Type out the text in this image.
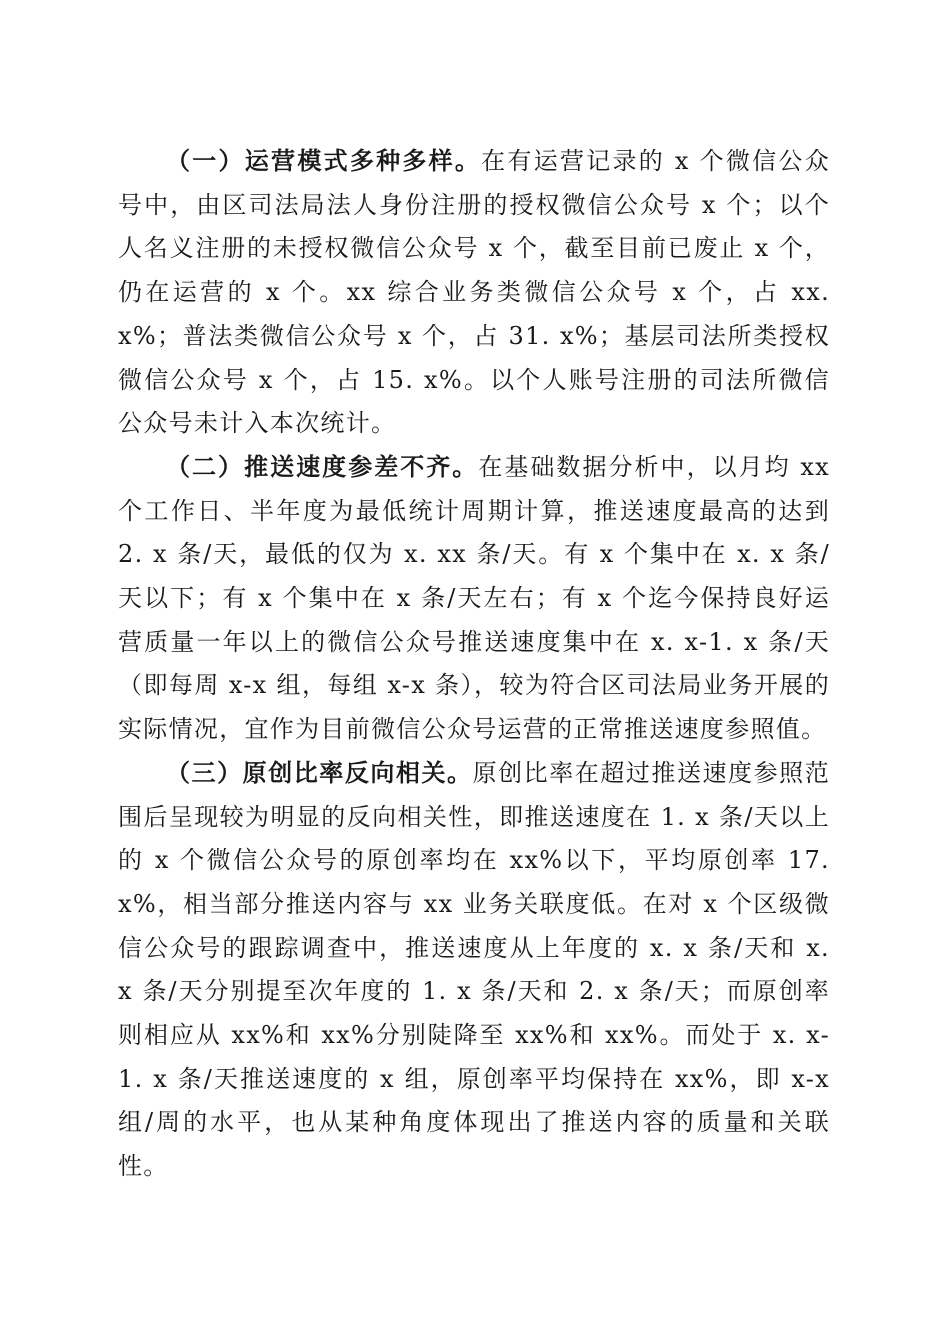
（一）运营模式多种多样。在有运营记录的 x 个微信公众号中，由区司法局法人身份注册的授权微信公众号 x 个；以个人名义注册的未授权微信公众号 x 个，截至目前已废止 x 个，仍在运营的 x 个。xx 综合业务类微信公众号 x 个，占 xx. x%；普法类微信公众号 x 个，占 31. x%；基层司法所类授权微信公众号 x 个，占 15. x%。以个人账号注册的司法所微信公众号未计入本次统计。

（二）推送速度参差不齐。在基础数据分析中，以月均 xx 个工作日、半年度为最低统计周期计算，推送速度最高的达到 2. x 条/天，最低的仅为 x. xx 条/天。有 x 个集中在 x. x 条/天以下；有 x 个集中在 x 条/天左右；有 x 个迄今保持良好运营质量一年以上的微信公众号推送速度集中在 x. x-1. x 条/天（即每周 x-x 组，每组 x-x 条），较为符合区司法局业务开展的实际情况，宜作为目前微信公众号运营的正常推送速度参照值。

（三）原创比率反向相关。原创比率在超过推送速度参照范围后呈现较为明显的反向相关性，即推送速度在 1. x 条/天以上的 x 个微信公众号的原创率均在 xx%以下，平均原创率 17. x%，相当部分推送内容与 xx 业务关联度低。在对 x 个区级微信公众号的跟踪调查中，推送速度从上年度的 x. x 条/天和 x. x 条/天分别提至次年度的 1. x 条/天和 2. x 条/天；而原创率则相应从 xx%和 xx%分别陡降至 xx%和 xx%。而处于 x. x-1. x 条/天推送速度的 x 组，原创率平均保持在 xx%，即 x-x 组/周的水平，也从某种角度体现出了推送内容的质量和关联性。
